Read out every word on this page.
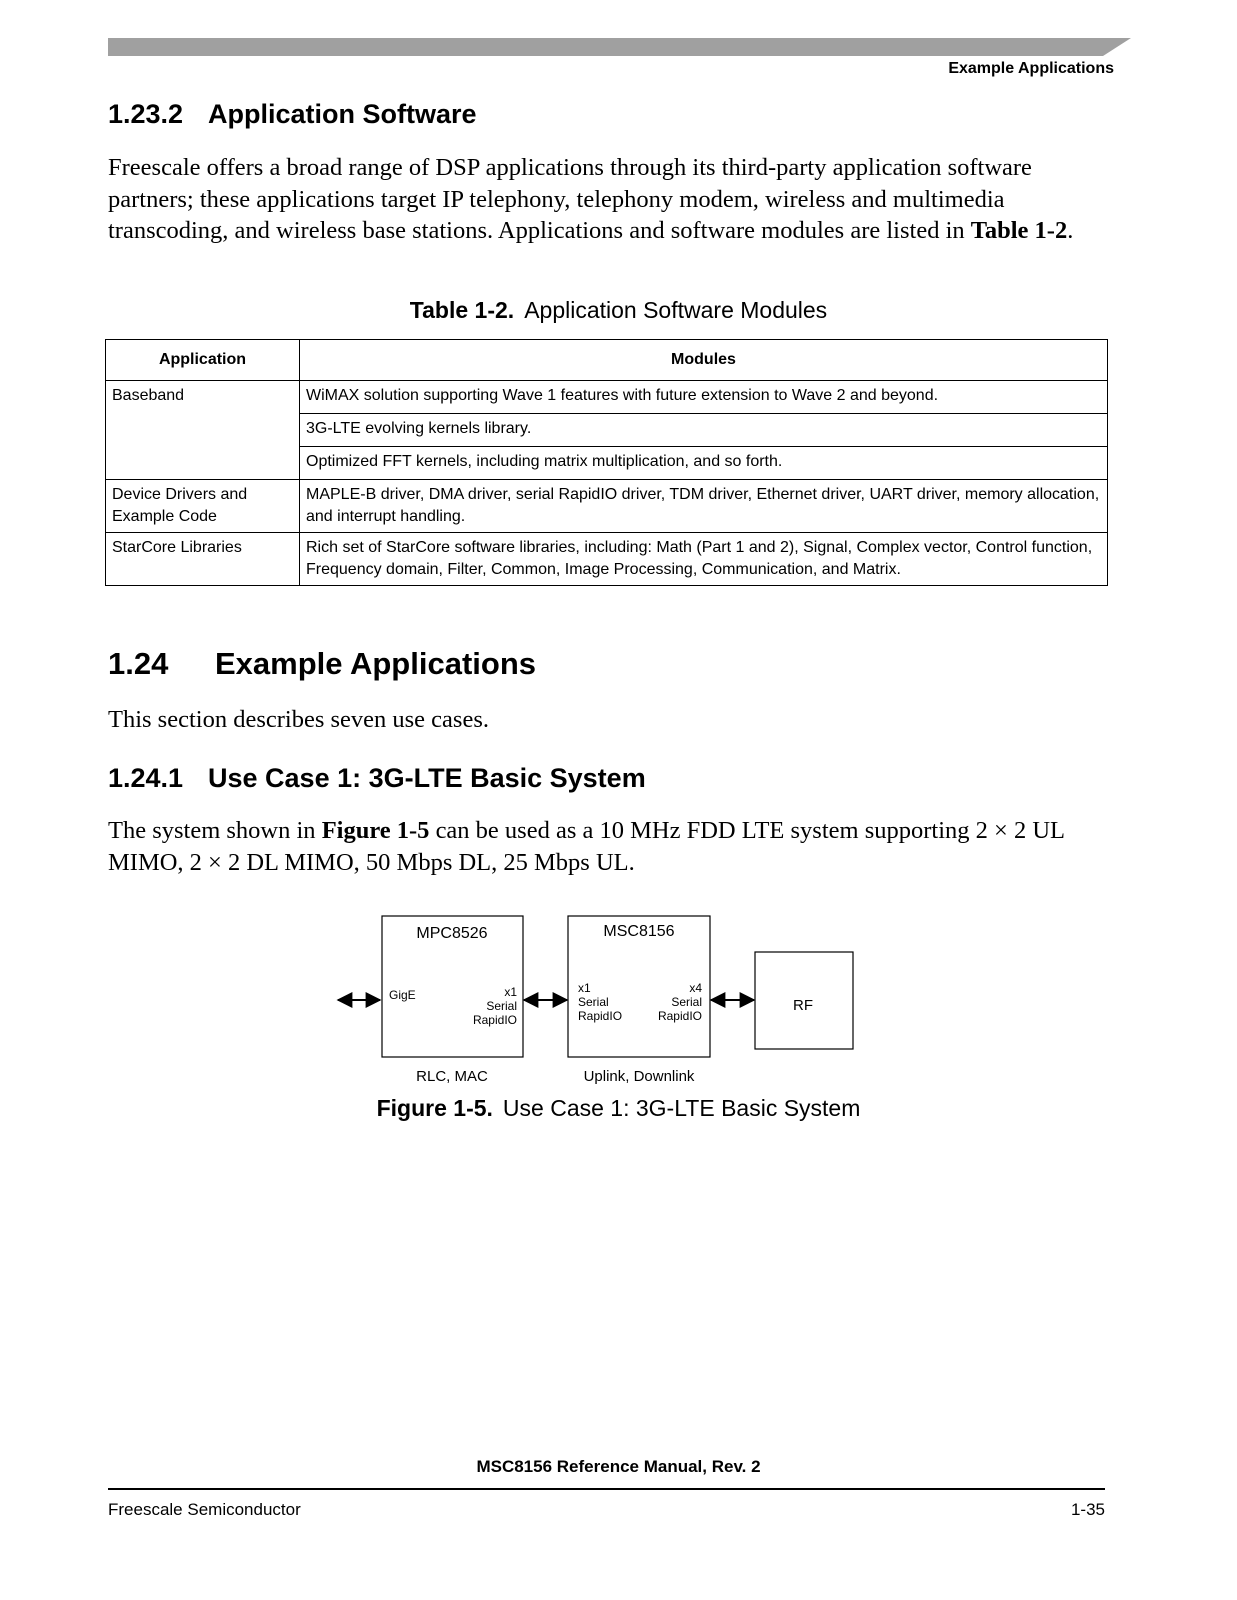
Example Applications
1.23.2 Application Software
Freescale offers a broad range of DSP applications through its third-party application software partners; these applications target IP telephony, telephony modem, wireless and multimedia transcoding, and wireless base stations. Applications and software modules are listed in Table 1-2.
Table 1-2. Application Software Modules
Application	Modules
Baseband	WiMAX solution supporting Wave 1 features with future extension to Wave 2 and beyond.
	3G-LTE evolving kernels library.
	Optimized FFT kernels, including matrix multiplication, and so forth.
Device Drivers and Example Code	MAPLE-B driver, DMA driver, serial RapidIO driver, TDM driver, Ethernet driver, UART driver, memory allocation, and interrupt handling.
StarCore Libraries	Rich set of StarCore software libraries, including: Math (Part 1 and 2), Signal, Complex vector, Control function, Frequency domain, Filter, Common, Image Processing, Communication, and Matrix.
1.24 Example Applications
This section describes seven use cases.
1.24.1 Use Case 1: 3G-LTE Basic System
The system shown in Figure 1-5 can be used as a 10 MHz FDD LTE system supporting 2 × 2 UL MIMO, 2 × 2 DL MIMO, 50 Mbps DL, 25 Mbps UL.
MPC8526
GigE	x1
Serial
RapidIO
MSC8156
x1
Serial
RapidIO
x4
Serial
RapidIO
RF
RLC, MAC	Uplink, Downlink
Figure 1-5. Use Case 1: 3G-LTE Basic System
MSC8156 Reference Manual, Rev. 2
Freescale Semiconductor	1-35
